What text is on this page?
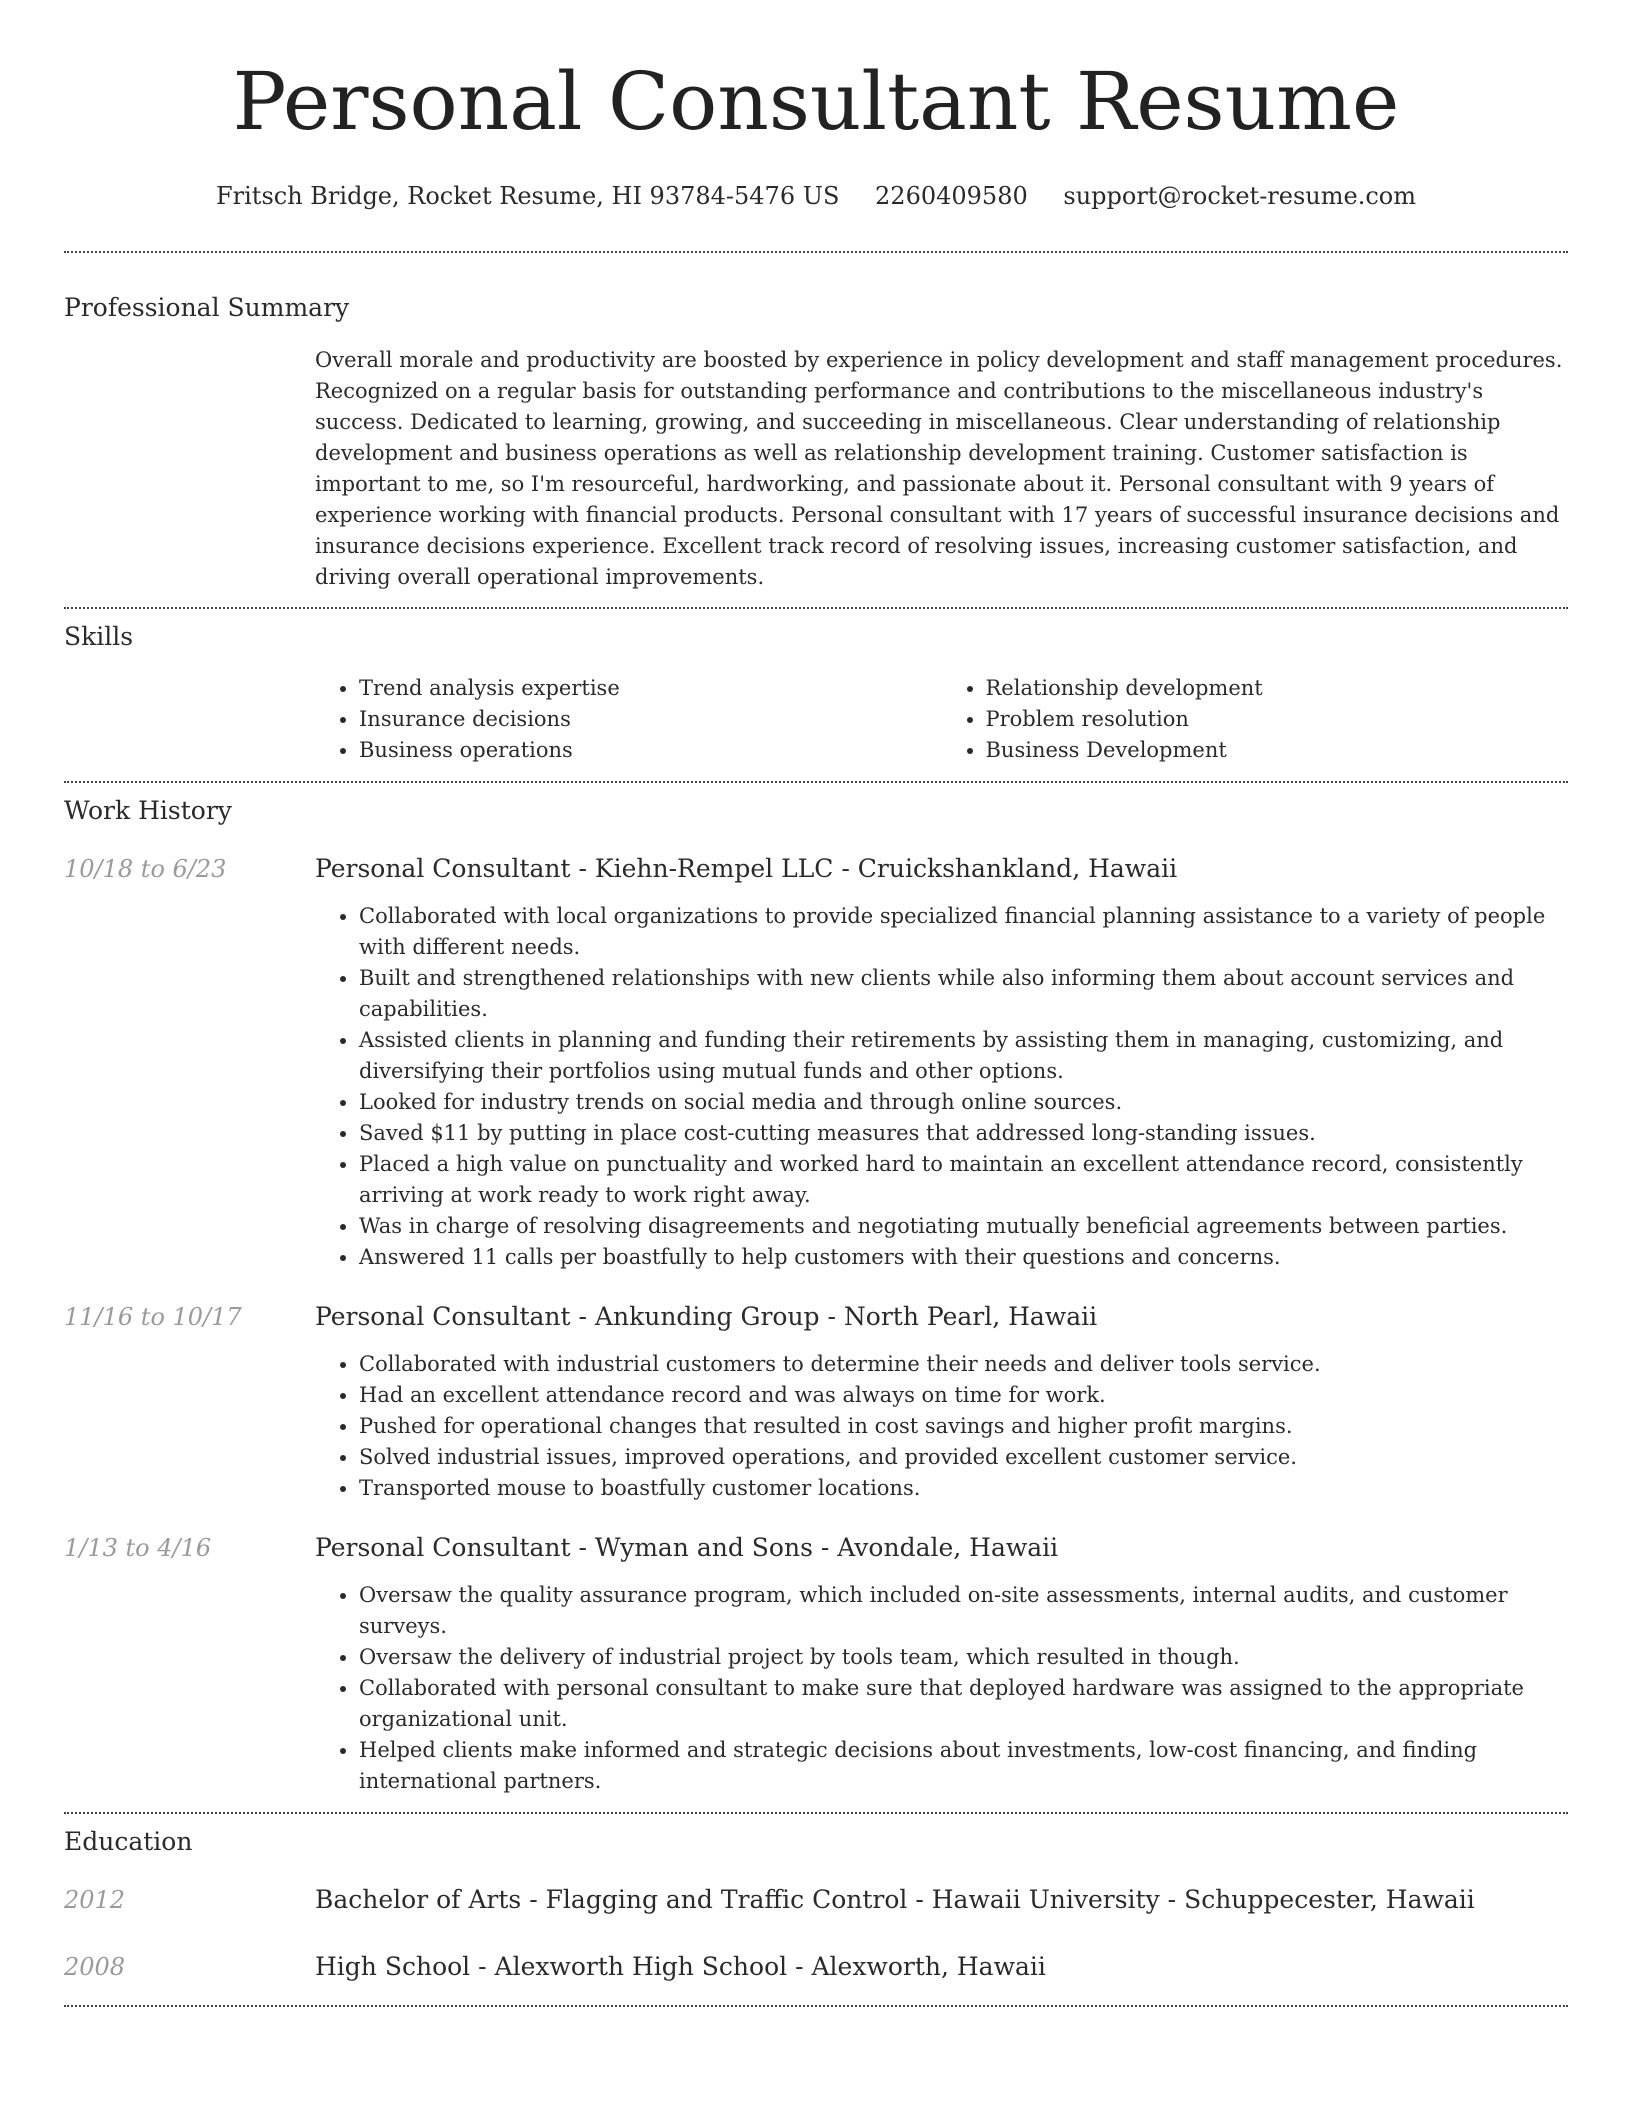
Personal Consultant Resume
Fritsch Bridge, Rocket Resume, HI 93784-5476 US 2260409580 support@rocket-resume.com
Professional Summary

Overall morale and productivity are boosted by experience in policy development and staff management procedures. Recognized on a regular basis for outstanding performance and contributions to the miscellaneous industry's success. Dedicated to learning, growing, and succeeding in miscellaneous. Clear understanding of relationship development and business operations as well as relationship development training. Customer satisfaction is important to me, so I'm resourceful, hardworking, and passionate about it. Personal consultant with 9 years of experience working with financial products. Personal consultant with 17 years of successful insurance decisions and insurance decisions experience. Excellent track record of resolving issues, increasing customer satisfaction, and driving overall operational improvements.

Skills
• Trend analysis expertise
• Insurance decisions
• Business operations
• Relationship development
• Problem resolution
• Business Development
Work History
10/18 to 6/23	Personal Consultant - Kiehn-Rempel LLC - Cruickshankland, Hawaii
• Collaborated with local organizations to provide specialized financial planning assistance to a variety of people with different needs.
• Built and strengthened relationships with new clients while also informing them about account services and capabilities.
• Assisted clients in planning and funding their retirements by assisting them in managing, customizing, and diversifying their portfolios using mutual funds and other options.
• Looked for industry trends on social media and through online sources.
• Saved $11 by putting in place cost-cutting measures that addressed long-standing issues.
• Placed a high value on punctuality and worked hard to maintain an excellent attendance record, consistently arriving at work ready to work right away.
• Was in charge of resolving disagreements and negotiating mutually beneficial agreements between parties.
• Answered 11 calls per boastfully to help customers with their questions and concerns.
11/16 to 10/17	Personal Consultant - Ankunding Group - North Pearl, Hawaii
• Collaborated with industrial customers to determine their needs and deliver tools service.
• Had an excellent attendance record and was always on time for work.
• Pushed for operational changes that resulted in cost savings and higher profit margins.
• Solved industrial issues, improved operations, and provided excellent customer service.
• Transported mouse to boastfully customer locations.
1/13 to 4/16	Personal Consultant - Wyman and Sons - Avondale, Hawaii
• Oversaw the quality assurance program, which included on-site assessments, internal audits, and customer surveys.
• Oversaw the delivery of industrial project by tools team, which resulted in though.
• Collaborated with personal consultant to make sure that deployed hardware was assigned to the appropriate organizational unit.
• Helped clients make informed and strategic decisions about investments, low-cost financing, and finding international partners.
Education
2012	Bachelor of Arts - Flagging and Traffic Control - Hawaii University - Schuppecester, Hawaii
2008	High School - Alexworth High School - Alexworth, Hawaii
